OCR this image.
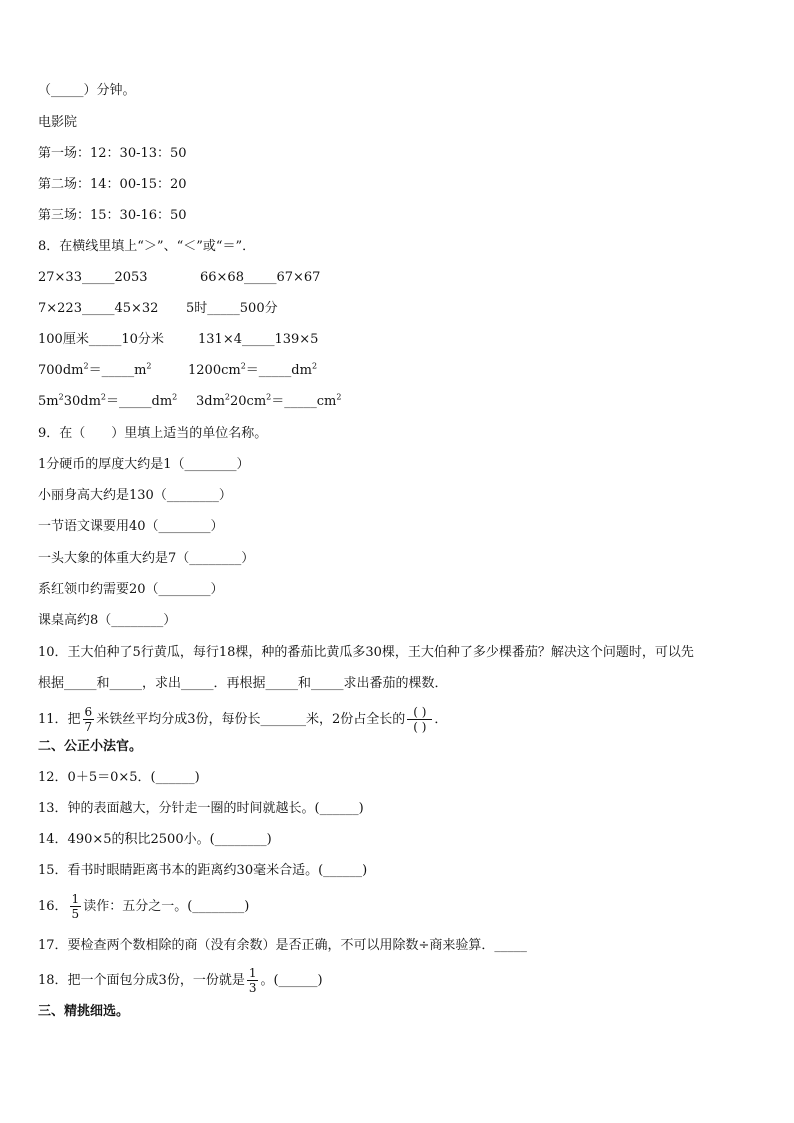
（_____）分钟。
电影院
第一场：12：30-13：50
第二场：14：00-15：20
第三场：15：30-16：50
8．在横线里填上“＞”、“＜”或“＝”．
27×33_____2053	66×68_____67×67
7×223_____45×32 5时_____500分
100厘米_____10分米	131×4_____139×5
$700dm^2=\_\_\_\_\_m^2$	$1200cm^2=\_\_\_\_\_dm^2$
$5m^230dm^2=\_\_\_\_\_dm^2$ $3dm^220cm^2=\_\_\_\_\_cm^2$
9．在（　　）里填上适当的单位名称。
1分硬币的厚度大约是1（________）
小丽身高大约是130（________）
一节语文课要用40（________）
一头大象的体重大约是7（________）
系红领巾约需要20（________）
课桌高约8（________）
10．王大伯种了5行黄瓜，每行18棵，种的番茄比黄瓜多30棵，王大伯种了多少棵番茄？解决这个问题时，可以先
根据_____和_____，求出_____．再根据_____和_____求出番茄的棵数．
11．把 $\frac{6}{7}$ 米铁丝平均分成3份，每份长_______米，2份占全长的 $\frac{( )}{( )}$ ．
二、公正小法官。
12．0＋5＝0×5．(______)
13．钟的表面越大，分针走一圈的时间就越长。(______)
14．490×5的积比2500小。(________)
15．看书时眼睛距离书本的距离约30毫米合适。(______)
16． $\frac{1}{5}$ 读作：五分之一。(________)
17．要检查两个数相除的商（没有余数）是否正确，不可以用除数÷商来验算．_____
18．把一个面包分成3份，一份就是 $\frac{1}{3}$ 。(______)
三、精挑细选。
